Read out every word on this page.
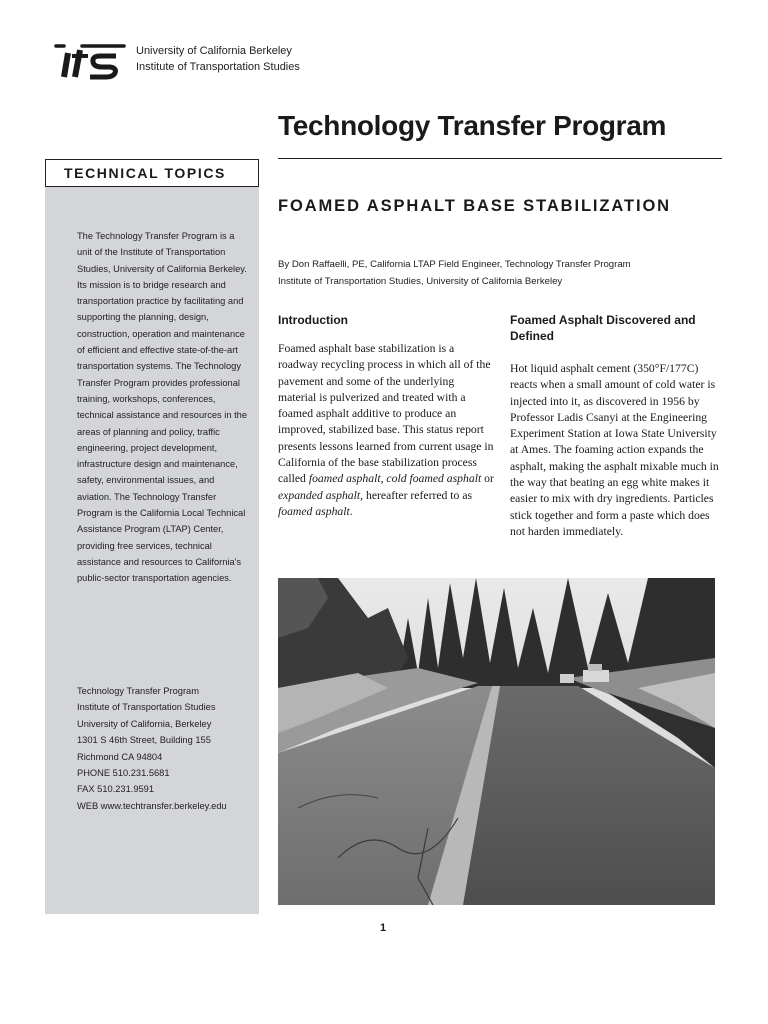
University of California Berkeley
Institute of Transportation Studies
Technology Transfer Program
TECHNICAL TOPICS
The Technology Transfer Program is a unit of the Institute of Transportation Studies, University of California Berkeley. Its mission is to bridge research and transportation practice by facilitating and supporting the planning, design, construction, operation and maintenance of efficient and effective state-of-the-art transportation systems. The Technology Transfer Program provides professional training, workshops, conferences, technical assistance and resources in the areas of planning and policy, traffic engineering, project development, infrastructure design and maintenance, safety, environmental issues, and aviation. The Technology Transfer Program is the California Local Technical Assistance Program (LTAP) Center, providing free services, technical assistance and resources to California's public-sector transportation agencies.
Technology Transfer Program
Institute of Transportation Studies
University of California, Berkeley
1301 S 46th Street, Building 155
Richmond CA 94804
PHONE 510.231.5681
FAX 510.231.9591
WEB www.techtransfer.berkeley.edu
FOAMED ASPHALT BASE STABILIZATION
By Don Raffaelli, PE, California LTAP Field Engineer, Technology Transfer Program
Institute of Transportation Studies, University of California Berkeley
Introduction
Foamed asphalt base stabilization is a roadway recycling process in which all of the pavement and some of the underlying material is pulverized and treated with a foamed asphalt additive to produce an improved, stabilized base. This status report presents lessons learned from current usage in California of the base stabilization process called foamed asphalt, cold foamed asphalt or expanded asphalt, hereafter referred to as foamed asphalt.
Foamed Asphalt Discovered and Defined
Hot liquid asphalt cement (350°F/177C) reacts when a small amount of cold water is injected into it, as discovered in 1956 by Professor Ladis Csanyi at the Engineering Experiment Station at Iowa State University at Ames. The foaming action expands the asphalt, making the asphalt mixable much in the way that beating an egg white makes it easier to mix with dry ingredients. Particles stick together and form a paste which does not harden immediately.
1
